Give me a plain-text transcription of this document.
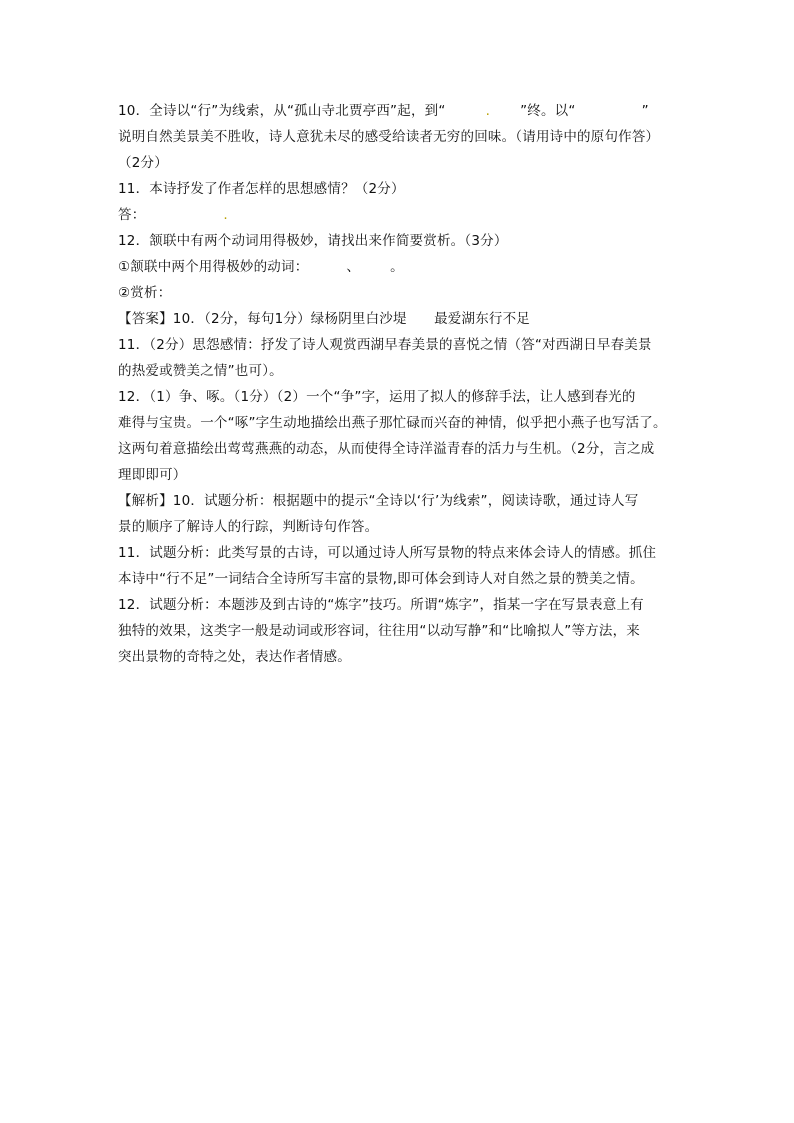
10．全诗以“行”为线索，从“孤山寺北贾亭西”起，到“	. ”终。以“	”
说明自然美景美不胜收，诗人意犹未尽的感受给读者无穷的回味。（请用诗中的原句作答）
（2分）
11．本诗抒发了作者怎样的思想感情？（2分）
答：	.
12．颔联中有两个动词用得极妙，请找出来作简要赏析。（3分）
①颔联中两个用得极妙的动词：	、 。
②赏析：
【答案】10．（2分，每句1分）绿杨阴里白沙堤　　最爱湖东行不足
11．（2分）思怨感情：抒发了诗人观赏西湖早春美景的喜悦之情（答“对西湖日早春美景
的热爱或赞美之情”也可）。
12．（1）争、啄。（1分）（2）一个“争”字，运用了拟人的修辞手法，让人感到春光的
难得与宝贵。一个“啄”字生动地描绘出燕子那忙碌而兴奋的神情，似乎把小燕子也写活了。
这两句着意描绘出莺莺燕燕的动态，从而使得全诗洋溢青春的活力与生机。（2分，言之成
理即即可）
【解析】10．试题分析：根据题中的提示“全诗以‘行’为线索”，阅读诗歌，通过诗人写
景的顺序了解诗人的行踪，判断诗句作答。
11．试题分析：此类写景的古诗，可以通过诗人所写景物的特点来体会诗人的情感。抓住
本诗中“行不足”一词结合全诗所写丰富的景物,即可体会到诗人对自然之景的赞美之情。
12．试题分析：本题涉及到古诗的“炼字”技巧。所谓“炼字”，指某一字在写景表意上有
独特的效果，这类字一般是动词或形容词，往往用“以动写静”和“比喻拟人”等方法，来
突出景物的奇特之处，表达作者情感。
